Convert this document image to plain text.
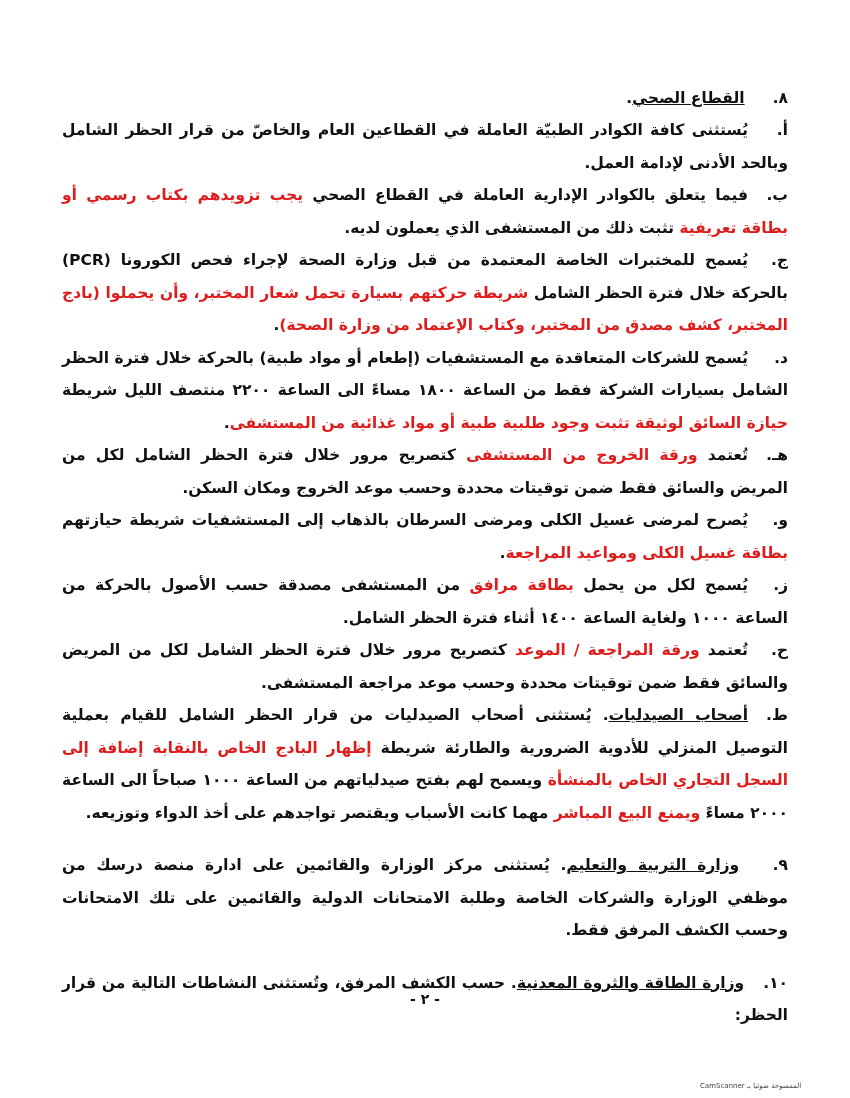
٨. القطاع الصحي.

أ.يُستثنى كافة الكوادر الطبيّة العاملة في القطاعين العام والخاصّ من قرار الحظر الشامل وبالحد الأدنى لإدامة العمل.

ب.فيما يتعلق بالكوادر الإدارية العاملة في القطاع الصحي يجب تزويدهم بكتاب رسمي أو بطاقة تعريفية تثبت ذلك من المستشفى الذي يعملون لديه.

ج.يُسمح للمختبرات الخاصة المعتمدة من قبل وزارة الصحة لإجراء فحص الكورونا (PCR) بالحركة خلال فترة الحظر الشامل شريطة حركتهم بسيارة تحمل شعار المختبر، وأن يحملوا (بادج المختبر، كشف مصدق من المختبر، وكتاب الإعتماد من وزارة الصحة).

د.يُسمح للشركات المتعاقدة مع المستشفيات (إطعام أو مواد طبية) بالحركة خلال فترة الحظر الشامل بسيارات الشركة فقط من الساعة ١٨٠٠ مساءً الى الساعة ٢٢٠٠ منتصف الليل شريطة حيازة السائق لوثيقة تثبت وجود طلبية طبية أو مواد غذائية من المستشفى.

هـ.تُعتمد ورقة الخروج من المستشفى كتصريح مرور خلال فترة الحظر الشامل لكل من المريض والسائق فقط ضمن توقيتات محددة وحسب موعد الخروج ومكان السكن.

و.يُصرح لمرضى غسيل الكلى ومرضى السرطان بالذهاب إلى المستشفيات شريطة حيازتهم بطاقة غسيل الكلى ومواعيد المراجعة.

ز.يُسمح لكل من يحمل بطاقة مرافق من المستشفى مصدقة حسب الأصول بالحركة من الساعة ١٠٠٠ ولغاية الساعة ١٤٠٠ أثناء فترة الحظر الشامل.

ح.تُعتمد ورقة المراجعة / الموعد كتصريح مرور خلال فترة الحظر الشامل لكل من المريض والسائق فقط ضمن توقيتات محددة وحسب موعد مراجعة المستشفى.

ط.أصحاب الصيدليات. يُستثنى أصحاب الصيدليات من قرار الحظر الشامل للقيام بعملية التوصيل المنزلي للأدوية الضرورية والطارئة شريطة إظهار البادج الخاص بالنقابة إضافة إلى السجل التجاري الخاص بالمنشأة ويسمح لهم بفتح صيدلياتهم من الساعة ١٠٠٠ صباحاً الى الساعة ٢٠٠٠ مساءً ويمنع البيع المباشر مهما كانت الأسباب ويقتصر تواجدهم على أخذ الدواء وتوزيعه.

٩. وزارة التربية والتعليم. يُستثنى مركز الوزارة والقائمين على ادارة منصة درسك من موظفي الوزارة والشركات الخاصة وطلبة الامتحانات الدولية والقائمين على تلك الامتحانات وحسب الكشف المرفق فقط.

١٠. وزارة الطاقة والثروة المعدنية. حسب الكشف المرفق، وتُستثنى النشاطات التالية من قرار الحظر:

- ٢ -
الممسوحة ضوئيا بـ CamScanner
